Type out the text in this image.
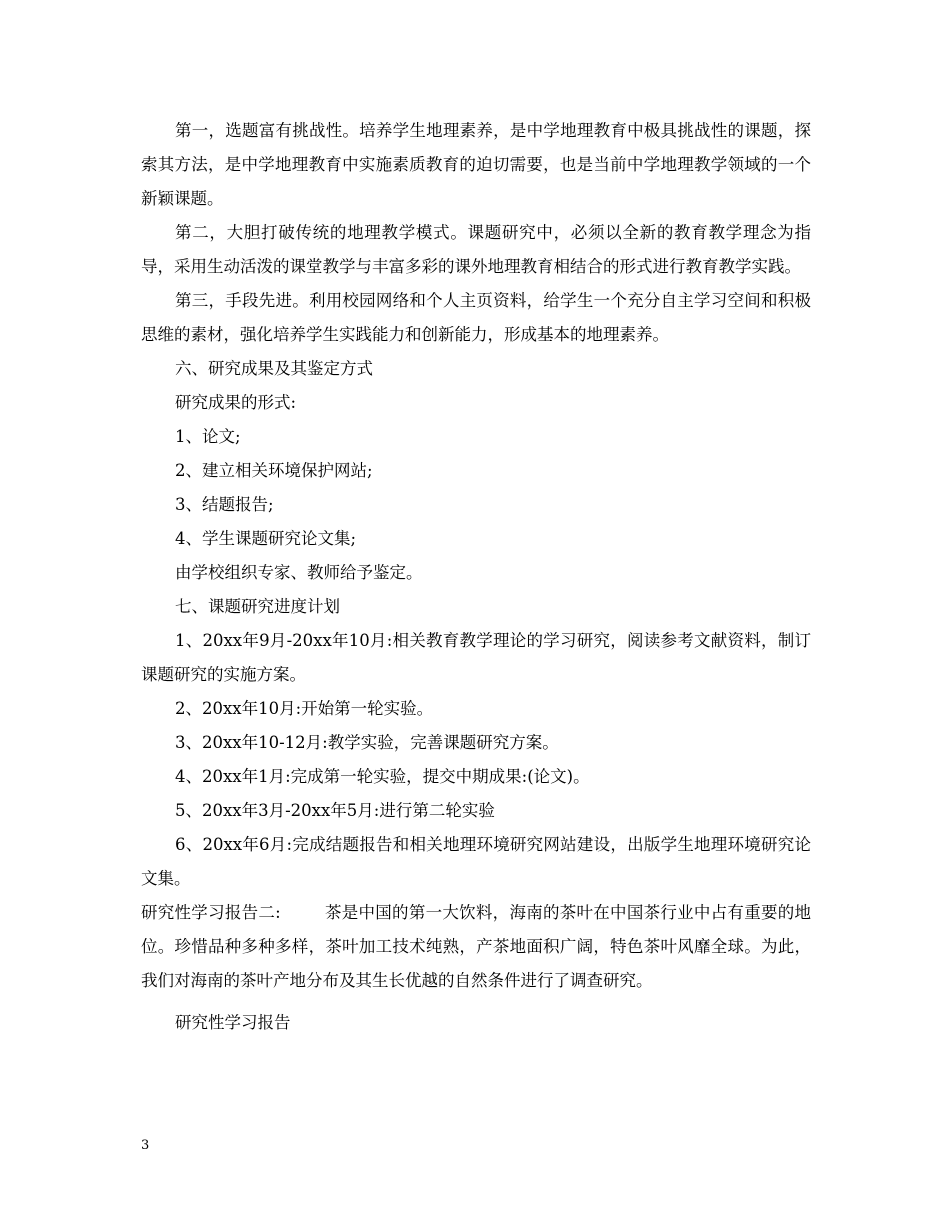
第一，选题富有挑战性。培养学生地理素养，是中学地理教育中极具挑战性的课题，探索其方法，是中学地理教育中实施素质教育的迫切需要，也是当前中学地理教学领域的一个新颖课题。

第二，大胆打破传统的地理教学模式。课题研究中，必须以全新的教育教学理念为指导，采用生动活泼的课堂教学与丰富多彩的课外地理教育相结合的形式进行教育教学实践。

第三，手段先进。利用校园网络和个人主页资料，给学生一个充分自主学习空间和积极思维的素材，强化培养学生实践能力和创新能力，形成基本的地理素养。

六、研究成果及其鉴定方式

研究成果的形式:

1、论文;

2、建立相关环境保护网站;

3、结题报告;

4、学生课题研究论文集;

由学校组织专家、教师给予鉴定。

七、课题研究进度计划

1、20xx年9月-20xx年10月:相关教育教学理论的学习研究，阅读参考文献资料，制订课题研究的实施方案。

2、20xx年10月:开始第一轮实验。

3、20xx年10-12月:教学实验，完善课题研究方案。

4、20xx年1月:完成第一轮实验，提交中期成果:(论文)。

5、20xx年3月-20xx年5月:进行第二轮实验

6、20xx年6月:完成结题报告和相关地理环境研究网站建设，出版学生地理环境研究论文集。

研究性学习报告二:	茶是中国的第一大饮料，海南的茶叶在中国茶行业中占有重要的地位。珍惜品种多种多样，茶叶加工技术纯熟，产茶地面积广阔，特色茶叶风靡全球。为此，我们对海南的茶叶产地分布及其生长优越的自然条件进行了调查研究。

研究性学习报告

3
